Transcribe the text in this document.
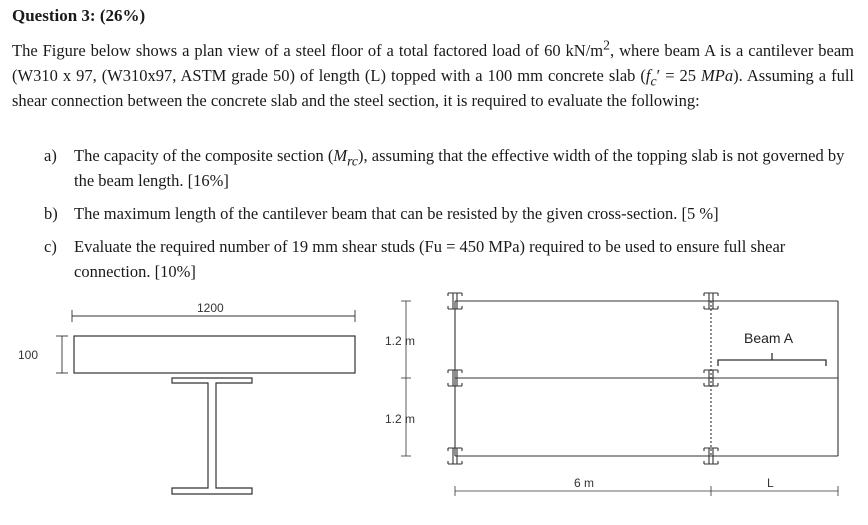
Question 3: (26%)

The Figure below shows a plan view of a steel floor of a total factored load of 60 $kN/m^2$, where beam A is a cantilever beam (W310 x 97, (W310x97, ASTM grade 50) of length (L) topped with a 100 mm concrete slab ($f_c' = 25$ MPa). Assuming a full shear connection between the concrete slab and the steel section, it is required to evaluate the following:

a) The capacity of the composite section $(M_{rc})$, assuming that the effective width of the topping slab is not governed by the beam length. [16%]
b) The maximum length of the cantilever beam that can be resisted by the given cross-section. [5 %]
c) Evaluate the required number of 19 mm shear studs (Fu = 450 MPa) required to be used to ensure full shear connection. [10%]
1200
100
1.2 m
1.2 m
6 m	L
Beam A
